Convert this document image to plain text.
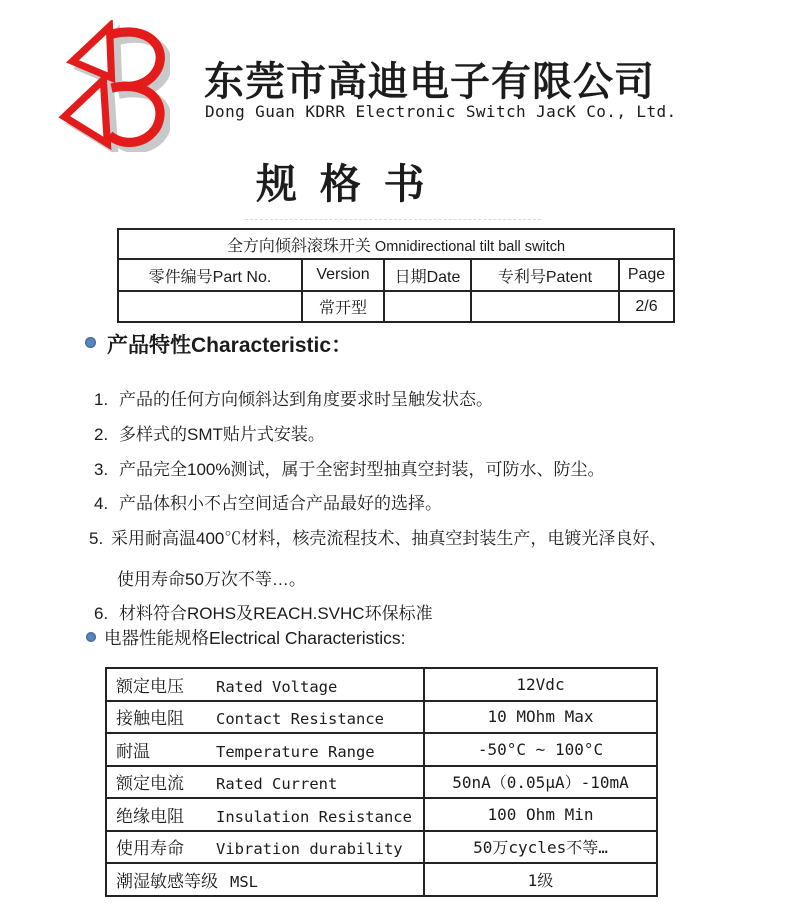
东莞市高迪电子有限公司
Dong Guan KDRR Electronic Switch JacK Co., Ltd.
规  格  书
全方向倾斜滚珠开关 Omnidirectional tilt ball switch				
零件编号Part No.	Version	日期Date	专利号Patent	Page
	常开型			2/6
产品特性Characteristic：
1. 产品的任何方向倾斜达到角度要求时呈触发状态。
2. 多样式的SMT贴片式安装。
3. 产品完全100%测试，属于全密封型抽真空封装，可防水、防尘。
4. 产品体积小不占空间适合产品最好的选择。
5. 采用耐高温400℃材料，核壳流程技术、抽真空封装生产，电镀光泽良好、
使用寿命50万次不等…。
6. 材料符合ROHS及REACH.SVHC环保标准
电器性能规格Electrical Characteristics:
额定电压 Rated Voltage	12Vdc
接触电阻 Contact Resistance	10 MOhm Max
耐温 Temperature Range	-50°C ~ 100°C
额定电流 Rated Current	50nA（0.05μA）-10mA
绝缘电阻 Insulation Resistance	100 Ohm Min
使用寿命 Vibration durability	50万cycles不等…
潮湿敏感等级 MSL	1级
